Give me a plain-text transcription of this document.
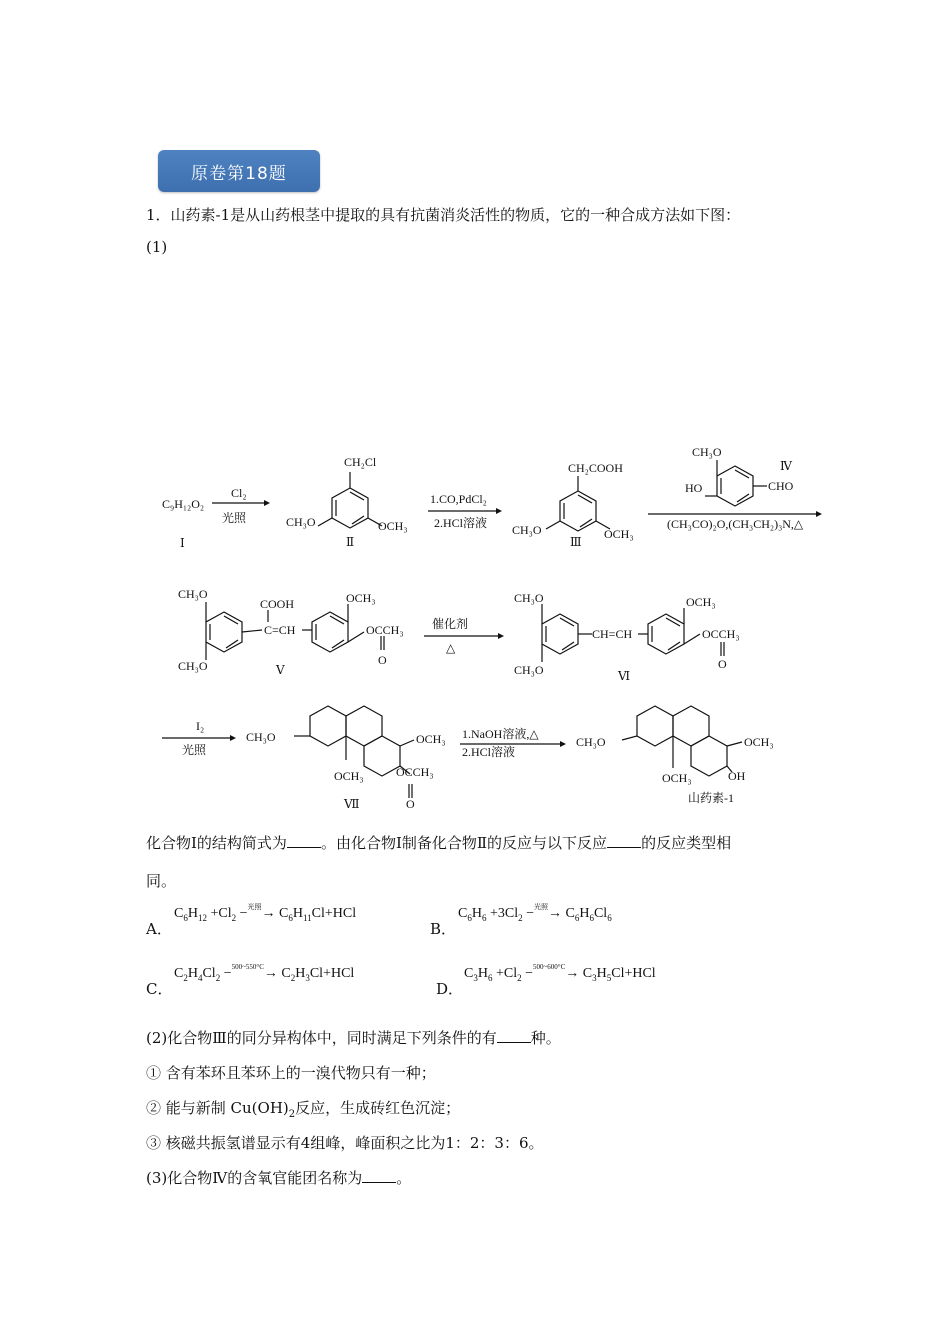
原卷第18题
1．山药素-1是从山药根茎中提取的具有抗菌消炎活性的物质，它的一种合成方法如下图：
(1)
C₉H₁₂O₂
Ⅰ
Cl₂
光照
CH₂Cl
CH₃O	OCH₃
Ⅱ
1.CO,PdCl₂
2.HCl溶液
CH₂COOH
CH₃O	OCH₃
Ⅲ
CH₃O
HO	CHO
Ⅳ
(CH₃CO)₂O,(CH₃CH₂)₃N,△
CH₃O
CH₃O
COOH
C=CH
OCH₃
OCCH₃
O
Ⅴ
催化剂
△
CH₃O
CH₃O
CH=CH
OCH₃
OCCH₃
O
Ⅵ
I₂
光照
CH₃O	OCH₃
OCH₃	OCCH₃
O
Ⅶ
1.NaOH溶液,△
2.HCl溶液
CH₃O	OCH₃
OCH₃	OH
山药素-1
化合物Ⅰ的结构简式为 。由化合物Ⅰ制备化合物Ⅱ的反应与以下反应 的反应类型相
同。
A．
$C_6H_{12} +Cl_2 -^{光照}\to C_6H_{11}Cl+HCl$
B．
$C_6H_6 +3Cl_2 -^{光照}\to C_6H_6Cl_6$
C．
$C_2H_4Cl_2 -^{500\sim 550^\circ C}\to C_2H_3Cl+HCl$
D．
$C_3H_6 +Cl_2 -^{500\sim 600^\circ C}\to C_3H_5Cl+HCl$
(2)化合物Ⅲ的同分异构体中，同时满足下列条件的有 种。
① 含有苯环且苯环上的一溴代物只有一种；
② 能与新制 $Cu(OH)_2$反应，生成砖红色沉淀；
③ 核磁共振氢谱显示有4组峰，峰面积之比为1：2：3：6。
(3)化合物Ⅳ的含氧官能团名称为 。
